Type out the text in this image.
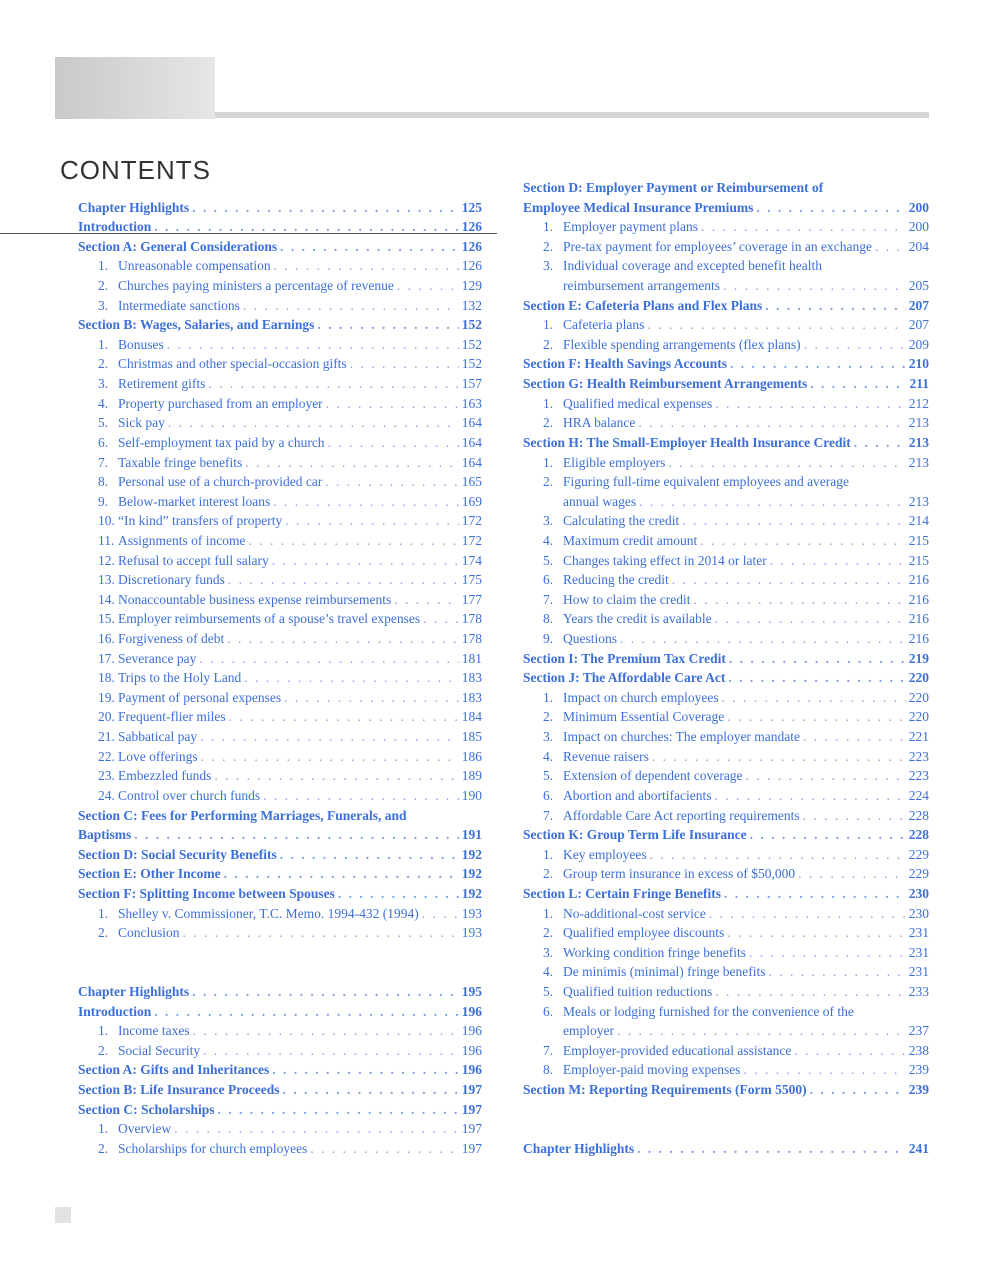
CONTENTS
Chapter Highlights . . .	125
Introduction . . .	126
Section A: General Considerations . . .	126
1. Unreasonable compensation . . .	126
2. Churches paying ministers a percentage of revenue . . .	129
3. Intermediate sanctions . . .	132
Section B: Wages, Salaries, and Earnings . . .	152
1. Bonuses . . .	152
2. Christmas and other special-occasion gifts . . .	152
3. Retirement gifts . . .	157
4. Property purchased from an employer . . .	163
5. Sick pay . . .	164
6. Self-employment tax paid by a church . . .	164
7. Taxable fringe benefits . . .	164
8. Personal use of a church-provided car . . .	165
9. Below-market interest loans . . .	169
10. “In kind” transfers of property . . .	172
11. Assignments of income . . .	172
12. Refusal to accept full salary . . .	174
13. Discretionary funds . . .	175
14. Nonaccountable business expense reimbursements . . .	177
15. Employer reimbursements of a spouse’s travel expenses . . .	178
16. Forgiveness of debt . . .	178
17. Severance pay . . .	181
18. Trips to the Holy Land . . .	183
19. Payment of personal expenses . . .	183
20. Frequent-flier miles . . .	184
21. Sabbatical pay . . .	185
22. Love offerings . . .	186
23. Embezzled funds . . .	189
24. Control over church funds . . .	190
Section C: Fees for Performing Marriages, Funerals, and
Baptisms . . .	191
Section D: Social Security Benefits . . .	192
Section E: Other Income . . .	192
Section F: Splitting Income between Spouses . . .	192
1. Shelley v. Commissioner, T.C. Memo. 1994-432 (1994) . . .	193
2. Conclusion . . .	193
Chapter Highlights . . .	195
Introduction . . .	196
1. Income taxes . . .	196
2. Social Security . . .	196
Section A: Gifts and Inheritances . . .	196
Section B: Life Insurance Proceeds . . .	197
Section C: Scholarships . . .	197
1. Overview . . .	197
2. Scholarships for church employees . . .	197
Section D: Employer Payment or Reimbursement of
Employee Medical Insurance Premiums . . .	200
1. Employer payment plans . . .	200
2. Pre-tax payment for employees’ coverage in an exchange . . .	204
3. Individual coverage and excepted benefit health
reimbursement arrangements . . .	205
Section E: Cafeteria Plans and Flex Plans . . .	207
1. Cafeteria plans . . .	207
2. Flexible spending arrangements (flex plans) . . .	209
Section F: Health Savings Accounts . . .	210
Section G: Health Reimbursement Arrangements . . .	211
1. Qualified medical expenses . . .	212
2. HRA balance . . .	213
Section H: The Small-Employer Health Insurance Credit . . .	213
1. Eligible employers . . .	213
2. Figuring full-time equivalent employees and average
annual wages . . .	213
3. Calculating the credit . . .	214
4. Maximum credit amount . . .	215
5. Changes taking effect in 2014 or later . . .	215
6. Reducing the credit . . .	216
7. How to claim the credit . . .	216
8. Years the credit is available . . .	216
9. Questions . . .	216
Section I: The Premium Tax Credit . . .	219
Section J: The Affordable Care Act . . .	220
1. Impact on church employees . . .	220
2. Minimum Essential Coverage . . .	220
3. Impact on churches: The employer mandate . . .	221
4. Revenue raisers . . .	223
5. Extension of dependent coverage . . .	223
6. Abortion and abortifacients . . .	224
7. Affordable Care Act reporting requirements . . .	228
Section K: Group Term Life Insurance . . .	228
1. Key employees . . .	229
2. Group term insurance in excess of $50,000 . . .	229
Section L: Certain Fringe Benefits . . .	230
1. No-additional-cost service . . .	230
2. Qualified employee discounts . . .	231
3. Working condition fringe benefits . . .	231
4. De minimis (minimal) fringe benefits . . .	231
5. Qualified tuition reductions . . .	233
6. Meals or lodging furnished for the convenience of the
employer . . .	237
7. Employer-provided educational assistance . . .	238
8. Employer-paid moving expenses . . .	239
Section M: Reporting Requirements (Form 5500) . . .	239
Chapter Highlights . . .	241
